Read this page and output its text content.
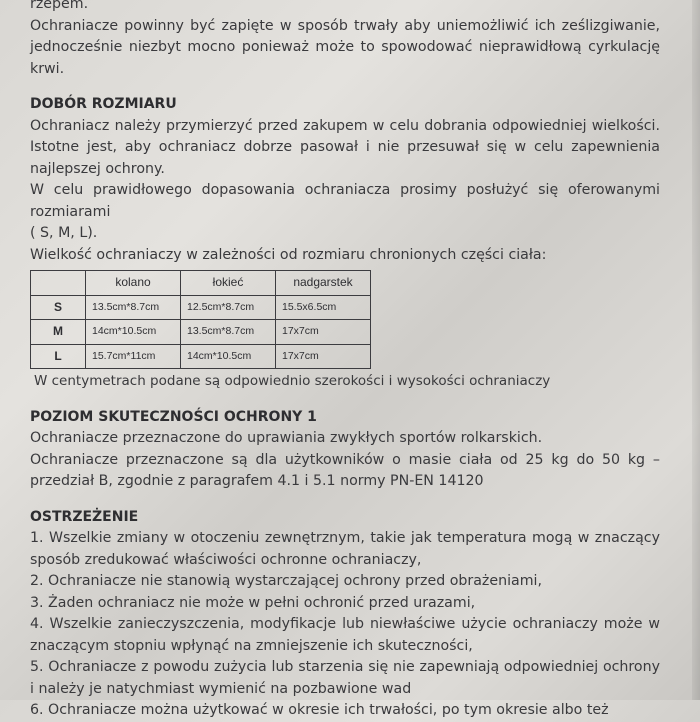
rzepem.

Ochraniacze powinny być zapięte w sposób trwały aby uniemożliwić ich ześlizgiwanie, jednocześnie niezbyt mocno ponieważ może to spowodować nieprawidłową cyrkulację krwi.

DOBÓR ROZMIARU

Ochraniacz należy przymierzyć przed zakupem w celu dobrania odpowiedniej wielkości. Istotne jest, aby ochraniacz dobrze pasował i nie przesuwał się w celu zapewnienia najlepszej ochrony.

W celu prawidłowego dopasowania ochraniacza prosimy posłużyć się oferowanymi rozmiarami

( S, M, L).

Wielkość ochraniaczy w zależności od rozmiaru chronionych części ciała:

	kolano	łokieć	nadgarstek
S	13.5cm*8.7cm	12.5cm*8.7cm	15.5x6.5cm
M	14cm*10.5cm	13.5cm*8.7cm	17x7cm
L	15.7cm*11cm	14cm*10.5cm	17x7cm

W centymetrach podane są odpowiednio szerokości i wysokości ochraniaczy

POZIOM SKUTECZNOŚCI OCHRONY 1

Ochraniacze przeznaczone do uprawiania zwykłych sportów rolkarskich.

Ochraniacze przeznaczone są dla użytkowników o masie ciała od 25 kg do 50 kg – przedział B, zgodnie z paragrafem 4.1 i 5.1 normy PN-EN 14120

OSTRZEŻENIE

1. Wszelkie zmiany w otoczeniu zewnętrznym, takie jak temperatura mogą w znaczący sposób zredukować właściwości ochronne ochraniaczy,

2. Ochraniacze nie stanowią wystarczającej ochrony przed obrażeniami,

3. Żaden ochraniacz nie może w pełni ochronić przed urazami,

4. Wszelkie zanieczyszczenia, modyfikacje lub niewłaściwe użycie ochraniaczy może w znaczącym stopniu wpłynąć na zmniejszenie ich skuteczności,

5. Ochraniacze z powodu zużycia lub starzenia się nie zapewniają odpowiedniej ochrony i należy je natychmiast wymienić na pozbawione wad

6. Ochraniacze można użytkować w okresie ich trwałości, po tym okresie albo też
